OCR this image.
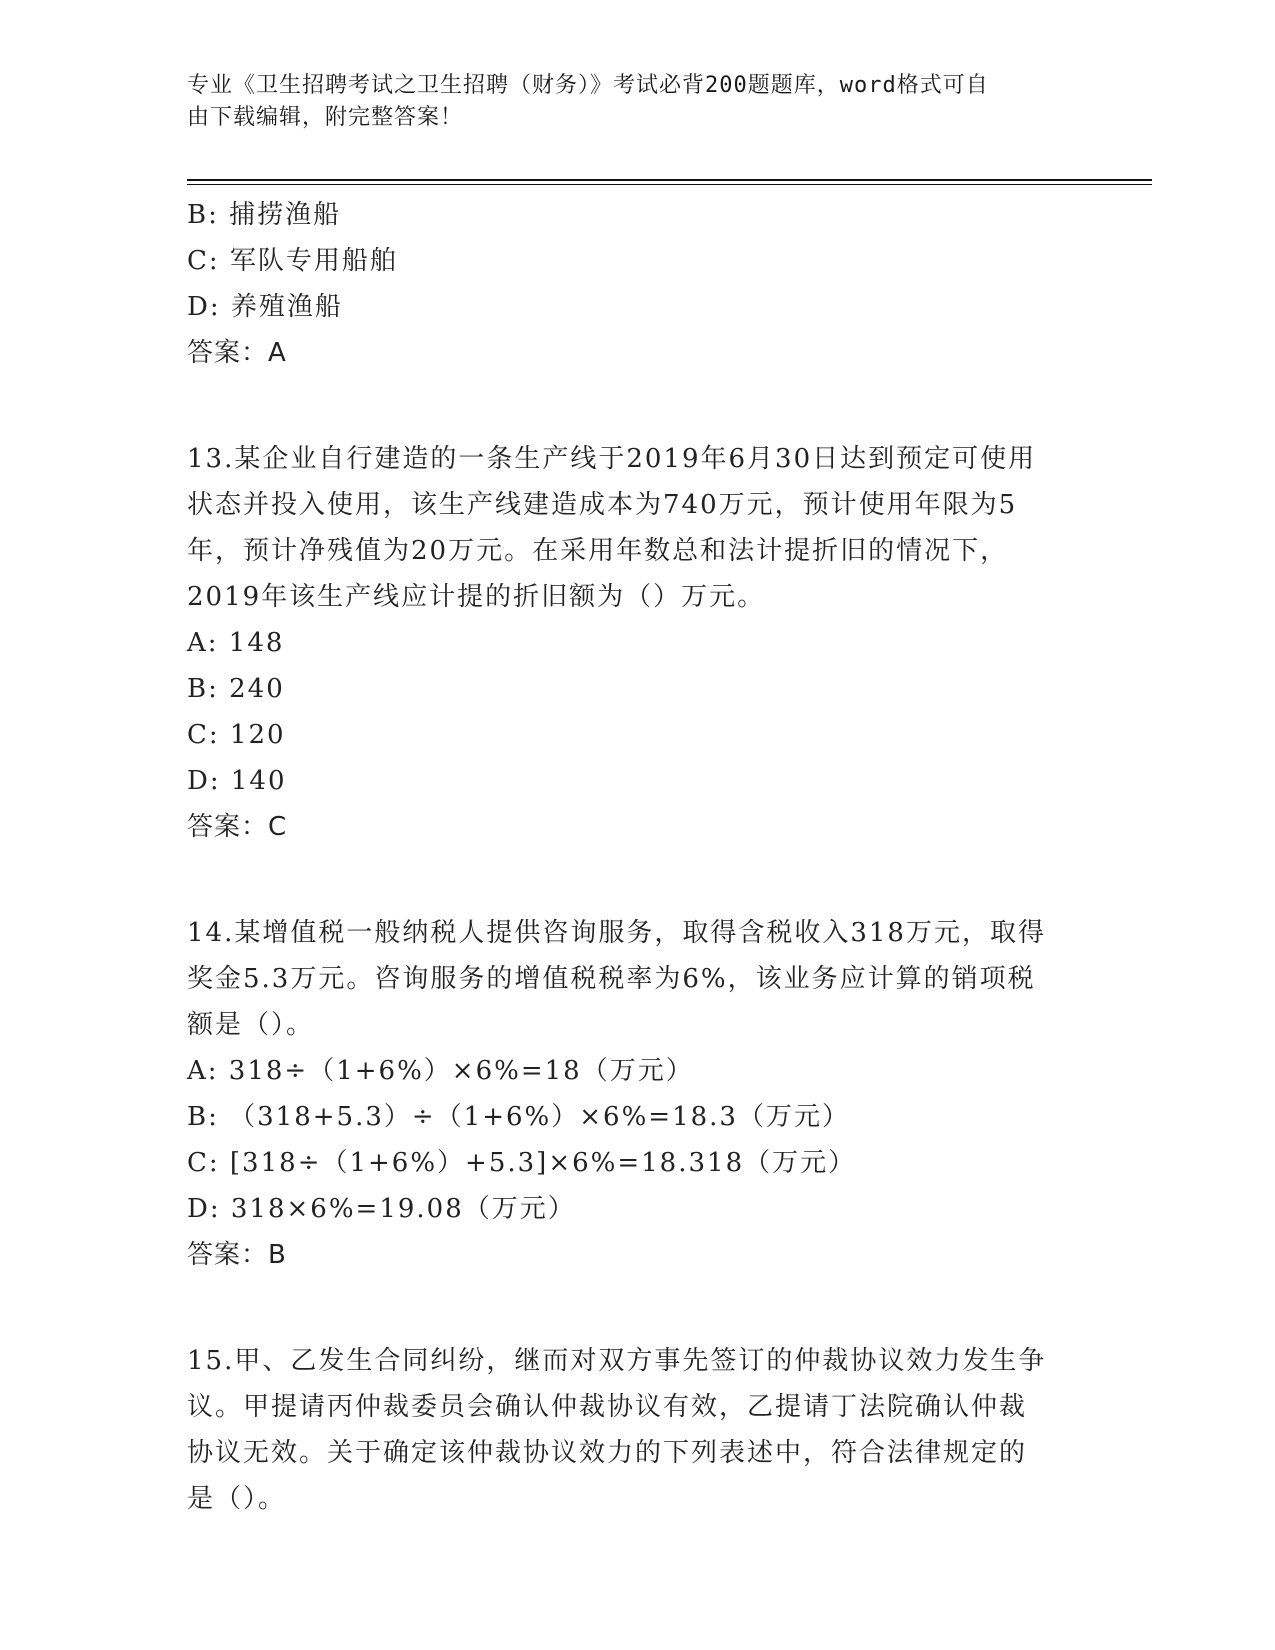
专业《卫生招聘考试之卫生招聘（财务）》考试必背200题题库，word格式可自
由下载编辑，附完整答案！
B: 捕捞渔船
C: 军队专用船舶
D: 养殖渔船
答案：A
13.某企业自行建造的一条生产线于2019年6月30日达到预定可使用
状态并投入使用，该生产线建造成本为740万元，预计使用年限为5
年，预计净残值为20万元。在采用年数总和法计提折旧的情况下，
2019年该生产线应计提的折旧额为（）万元。
A: 148
B: 240
C: 120
D: 140
答案：C
14.某增值税一般纳税人提供咨询服务，取得含税收入318万元，取得
奖金5.3万元。咨询服务的增值税税率为6%，该业务应计算的销项税
额是（）。
A: 318÷（1+6%）×6%=18（万元）
B: （318+5.3）÷（1+6%）×6%=18.3（万元）
C: [318÷（1+6%）+5.3]×6%=18.318（万元）
D: 318×6%=19.08（万元）
答案：B
15.甲、乙发生合同纠纷，继而对双方事先签订的仲裁协议效力发生争
议。甲提请丙仲裁委员会确认仲裁协议有效，乙提请丁法院确认仲裁
协议无效。关于确定该仲裁协议效力的下列表述中，符合法律规定的
是（）。
